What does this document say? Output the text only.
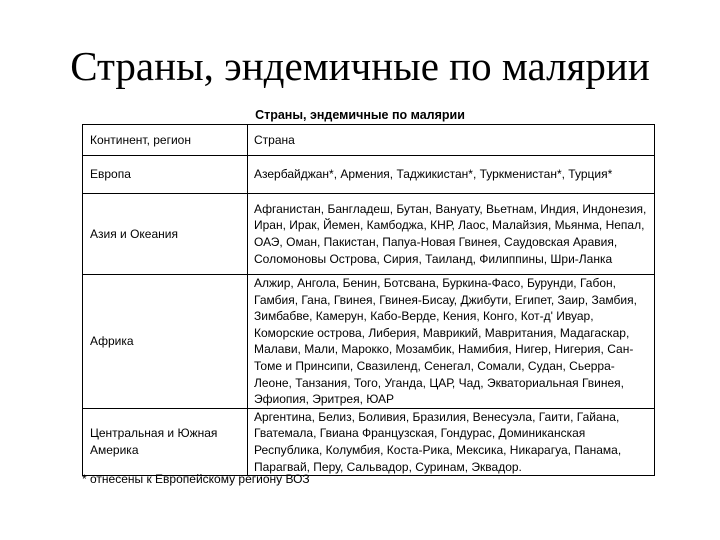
Страны, эндемичные по малярии
Страны, эндемичные по малярии
Континент, регион	Страна
Европа	Азербайджан*, Армения, Таджикистан*, Туркменистан*, Турция*
Азия и Океания	Афганистан, Бангладеш, Бутан, Вануату, Вьетнам, Индия, Индонезия, Иран, Ирак, Йемен, Камбоджа, КНР, Лаос, Малайзия, Мьянма, Непал, ОАЭ, Оман, Пакистан, Папуа-Новая Гвинея, Саудовская Аравия, Соломоновы Острова, Сирия, Таиланд, Филиппины, Шри-Ланка
Африка	Алжир, Ангола, Бенин, Ботсвана, Буркина-Фасо, Бурунди, Габон, Гамбия, Гана, Гвинея, Гвинея-Бисау, Джибути, Египет, Заир, Замбия, Зимбабве, Камерун, Кабо-Верде, Кения, Конго, Кот-д' Ивуар, Коморские острова, Либерия, Маврикий, Мавритания, Мадагаскар, Малави, Мали, Марокко, Мозамбик, Намибия, Нигер, Нигерия, Сан-Томе и Принсипи, Свазиленд, Сенегал, Сомали, Судан, Сьерра-Леоне, Танзания, Того, Уганда, ЦАР, Чад, Экваториальная Гвинея, Эфиопия, Эритрея, ЮАР
Центральная и Южная Америка	Аргентина, Белиз, Боливия, Бразилия, Венесуэла, Гаити, Гайана, Гватемала, Гвиана Французская, Гондурас, Доминиканская Республика, Колумбия, Коста-Рика, Мексика, Никарагуа, Панама, Парагвай, Перу, Сальвадор, Суринам, Эквадор.
* отнесены к Европейскому региону ВОЗ
